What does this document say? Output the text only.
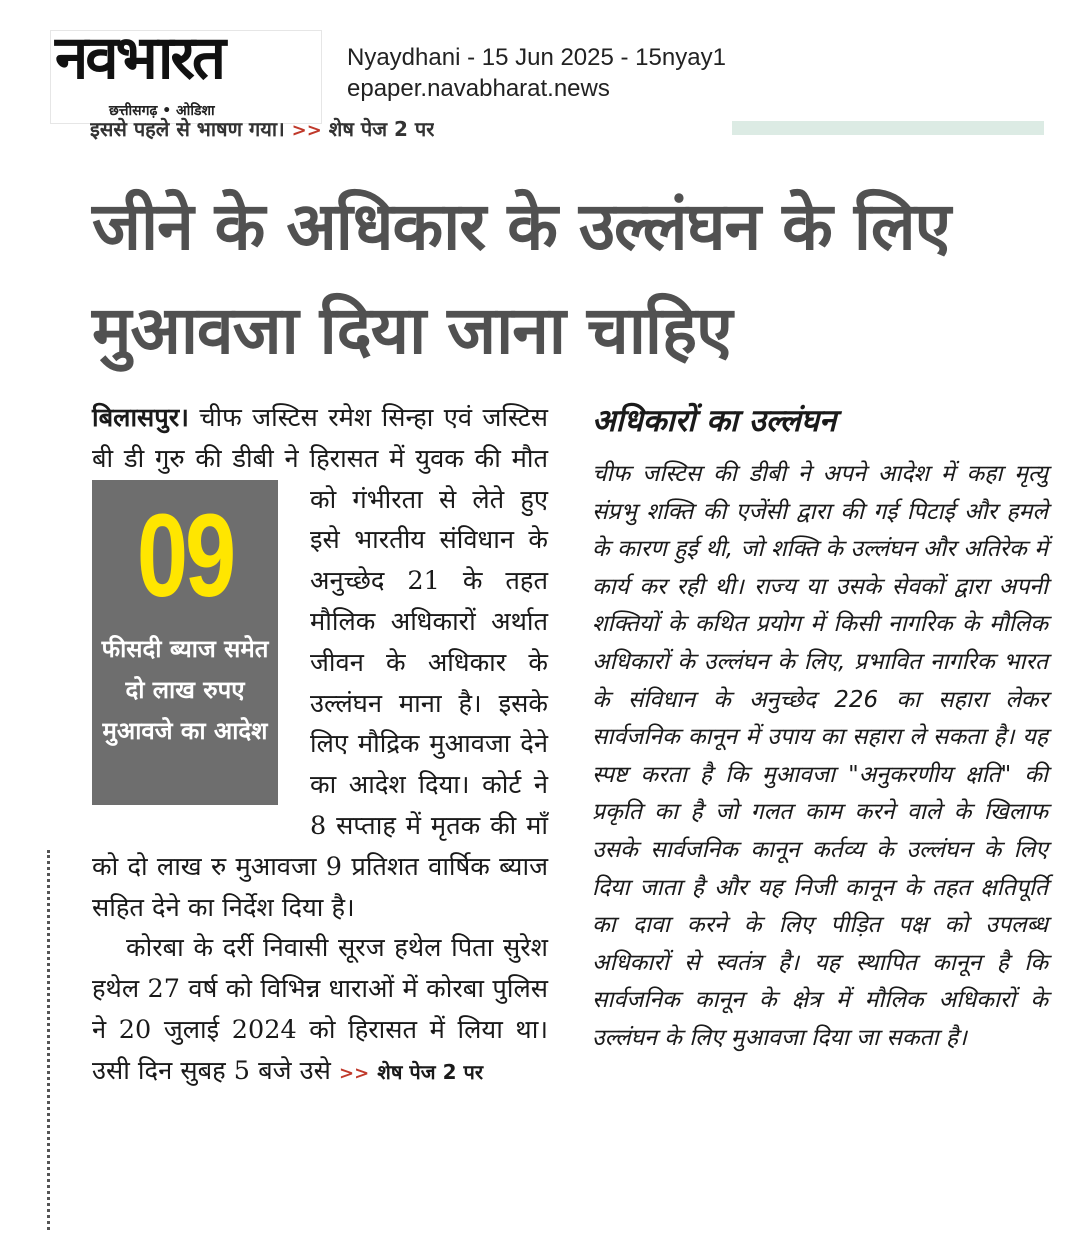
नवभारत
छत्तीसगढ़ • ओडिशा
Nyaydhani - 15 Jun 2025 - 15nyay1
epaper.navabharat.news
इससे पहले से भाषण गया। >> शेष पेज 2 पर
जीने के अधिकार के उल्लंघन के लिए मुआवजा दिया जाना चाहिए

बिलासपुर। चीफ जस्टिस रमेश सिन्हा एवं जस्टिस बी डी गुरु की डीबी ने हिरासत में युवक की मौत को गंभीरता से
09
फीसदी ब्याज समेत दो लाख रुपए मुआवजे का आदेश
लेते हुए इसे भारतीय संविधान के अनुच्छेद 21 के तहत मौलिक अधिकारों अर्थात जीवन के अधिकार के उल्लंघन माना है। इसके लिए मौद्रिक मुआवजा देने का आदेश दिया। कोर्ट ने 8 सप्ताह में मृतक की माँ को दो लाख रु मुआवजा 9 प्रतिशत वार्षिक ब्याज सहित देने का निर्देश दिया है।

कोरबा के दर्री निवासी सूरज हथेल पिता सुरेश हथेल 27 वर्ष को विभिन्न धाराओं में कोरबा पुलिस ने 20 जुलाई 2024 को हिरासत में लिया था। उसी दिन सुबह 5 बजे उसे >> शेष पेज 2 पर

अधिकारों का उल्लंघन

चीफ जस्टिस की डीबी ने अपने आदेश में कहा मृत्यु संप्रभु शक्ति की एजेंसी द्वारा की गई पिटाई और हमले के कारण हुई थी, जो शक्ति के उल्लंघन और अतिरेक में कार्य कर रही थी। राज्य या उसके सेवकों द्वारा अपनी शक्तियों के कथित प्रयोग में किसी नागरिक के मौलिक अधिकारों के उल्लंघन के लिए, प्रभावित नागरिक भारत के संविधान के अनुच्छेद 226 का सहारा लेकर सार्वजनिक कानून में उपाय का सहारा ले सकता है। यह स्पष्ट करता है कि मुआवजा "अनुकरणीय क्षति" की प्रकृति का है जो गलत काम करने वाले के खिलाफ उसके सार्वजनिक कानून कर्तव्य के उल्लंघन के लिए दिया जाता है और यह निजी कानून के तहत क्षतिपूर्ति का दावा करने के लिए पीड़ित पक्ष को उपलब्ध अधिकारों से स्वतंत्र है। यह स्थापित कानून है कि सार्वजनिक कानून के क्षेत्र में मौलिक अधिकारों के उल्लंघन के लिए मुआवजा दिया जा सकता है।
